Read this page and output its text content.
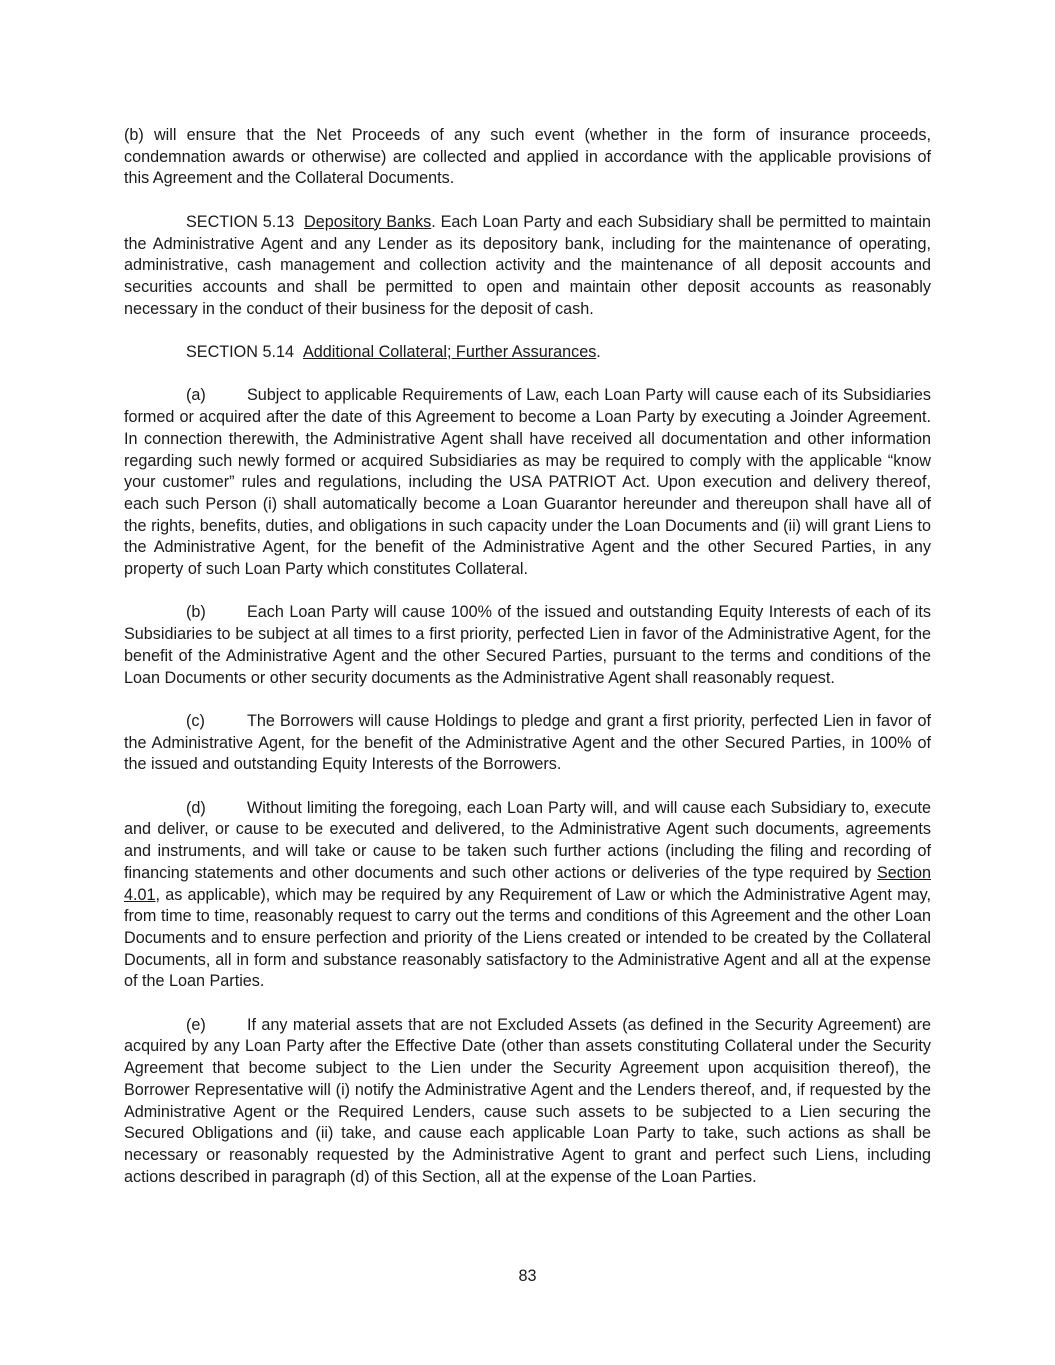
(b) will ensure that the Net Proceeds of any such event (whether in the form of insurance proceeds, condemnation awards or otherwise) are collected and applied in accordance with the applicable provisions of this Agreement and the Collateral Documents.

SECTION 5.13 Depository Banks. Each Loan Party and each Subsidiary shall be permitted to maintain the Administrative Agent and any Lender as its depository bank, including for the maintenance of operating, administrative, cash management and collection activity and the maintenance of all deposit accounts and securities accounts and shall be permitted to open and maintain other deposit accounts as reasonably necessary in the conduct of their business for the deposit of cash.

SECTION 5.14 Additional Collateral; Further Assurances.

(a)	Subject to applicable Requirements of Law, each Loan Party will cause each of its Subsidiaries formed or acquired after the date of this Agreement to become a Loan Party by executing a Joinder Agreement. In connection therewith, the Administrative Agent shall have received all documentation and other information regarding such newly formed or acquired Subsidiaries as may be required to comply with the applicable “know your customer” rules and regulations, including the USA PATRIOT Act. Upon execution and delivery thereof, each such Person (i) shall automatically become a Loan Guarantor hereunder and thereupon shall have all of the rights, benefits, duties, and obligations in such capacity under the Loan Documents and (ii) will grant Liens to the Administrative Agent, for the benefit of the Administrative Agent and the other Secured Parties, in any property of such Loan Party which constitutes Collateral.

(b)	Each Loan Party will cause 100% of the issued and outstanding Equity Interests of each of its Subsidiaries to be subject at all times to a first priority, perfected Lien in favor of the Administrative Agent, for the benefit of the Administrative Agent and the other Secured Parties, pursuant to the terms and conditions of the Loan Documents or other security documents as the Administrative Agent shall reasonably request.

(c)	The Borrowers will cause Holdings to pledge and grant a first priority, perfected Lien in favor of the Administrative Agent, for the benefit of the Administrative Agent and the other Secured Parties, in 100% of the issued and outstanding Equity Interests of the Borrowers.

(d)	Without limiting the foregoing, each Loan Party will, and will cause each Subsidiary to, execute and deliver, or cause to be executed and delivered, to the Administrative Agent such documents, agreements and instruments, and will take or cause to be taken such further actions (including the filing and recording of financing statements and other documents and such other actions or deliveries of the type required by Section 4.01, as applicable), which may be required by any Requirement of Law or which the Administrative Agent may, from time to time, reasonably request to carry out the terms and conditions of this Agreement and the other Loan Documents and to ensure perfection and priority of the Liens created or intended to be created by the Collateral Documents, all in form and substance reasonably satisfactory to the Administrative Agent and all at the expense of the Loan Parties.

(e)	If any material assets that are not Excluded Assets (as defined in the Security Agreement) are acquired by any Loan Party after the Effective Date (other than assets constituting Collateral under the Security Agreement that become subject to the Lien under the Security Agreement upon acquisition thereof), the Borrower Representative will (i) notify the Administrative Agent and the Lenders thereof, and, if requested by the Administrative Agent or the Required Lenders, cause such assets to be subjected to a Lien securing the Secured Obligations and (ii) take, and cause each applicable Loan Party to take, such actions as shall be necessary or reasonably requested by the Administrative Agent to grant and perfect such Liens, including actions described in paragraph (d) of this Section, all at the expense of the Loan Parties.

83
